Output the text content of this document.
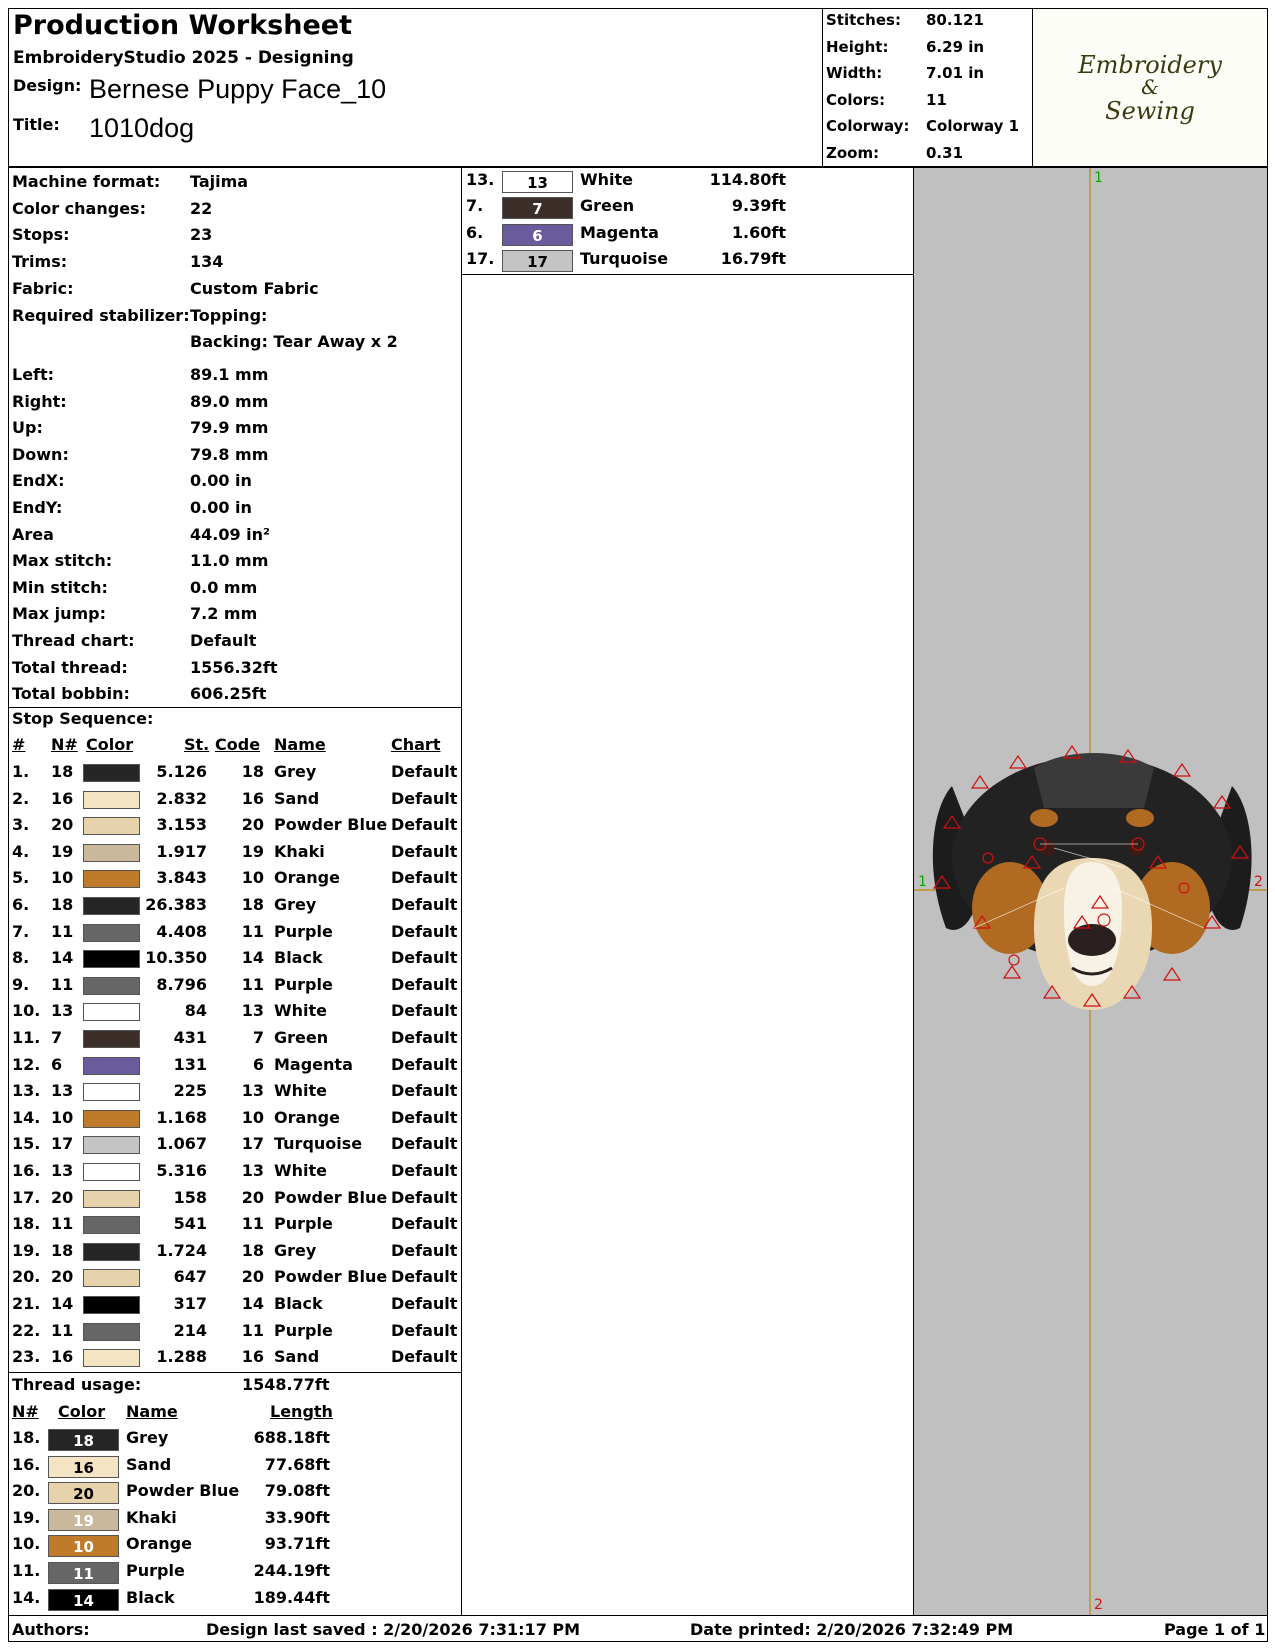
Production Worksheet
EmbroideryStudio 2025 - Designing
Design: Bernese Puppy Face_10
Title: 1010dog
Stitches: 80.121
Height:	6.29 in
Width:	7.01 in
Colors:	11
Colorway: Colorway 1
Zoom:	0.31
Embroidery
&
Sewing
Machine format: Tajima
Color changes:	22
Stops:	23
Trims:	134
Fabric:	Custom Fabric
Required stabilizer: Topping:
Backing: Tear Away x 2
Left:	89.1 mm
Right:	89.0 mm
Up:	79.9 mm
Down:	79.8 mm
EndX:	0.00 in
EndY:	0.00 in
Area	44.09 in²
Max stitch:	11.0 mm
Min stitch:	0.0 mm
Max jump:	7.2 mm
Thread chart:	Default
Total thread:	1556.32ft
Total bobbin:	606.25ft
Stop Sequence:
# N# Color	St. Code Name	Chart
1. 18	5.126	18 Grey	Default
2. 16	2.832	16 Sand	Default
3. 20	3.153	20 Powder Blue Default
4. 19	1.917	19 Khaki	Default
5. 10	3.843	10 Orange	Default
6. 18	26.383	18 Grey	Default
7. 11	4.408	11 Purple	Default
8. 14	10.350	14 Black	Default
9. 11	8.796	11 Purple	Default
10. 13	84	13 White	Default
11. 7	431	7 Green	Default
12. 6	131	6 Magenta Default
13. 13	225	13 White	Default
14. 10	1.168	10 Orange	Default
15. 17	1.067	17 Turquoise Default
16. 13	5.316	13 White	Default
17. 20	158	20 Powder Blue Default
18. 11	541	11 Purple	Default
19. 18	1.724	18 Grey	Default
20. 20	647	20 Powder Blue Default
21. 14	317	14 Black	Default
22. 11	214	11 Purple	Default
23. 16	1.288	16 Sand	Default
Thread usage:	1548.77ft
N# Color Name	Length
18.	18	Grey	688.18ft
16.	16	Sand	77.68ft
20.	20	Powder Blue	79.08ft
19.	19	Khaki	33.90ft
10.	10	Orange	93.71ft
11.	11	Purple	244.19ft
14.	14	Black	189.44ft
13.	13	White	114.80ft
7.	7	Green	9.39ft
6.	6	Magenta	1.60ft
17.	17	Turquoise	16.79ft
1
2
1	2
Authors:	Design last saved : 2/20/2026 7:31:17 PM	Date printed: 2/20/2026 7:32:49 PM	Page 1 of 1
